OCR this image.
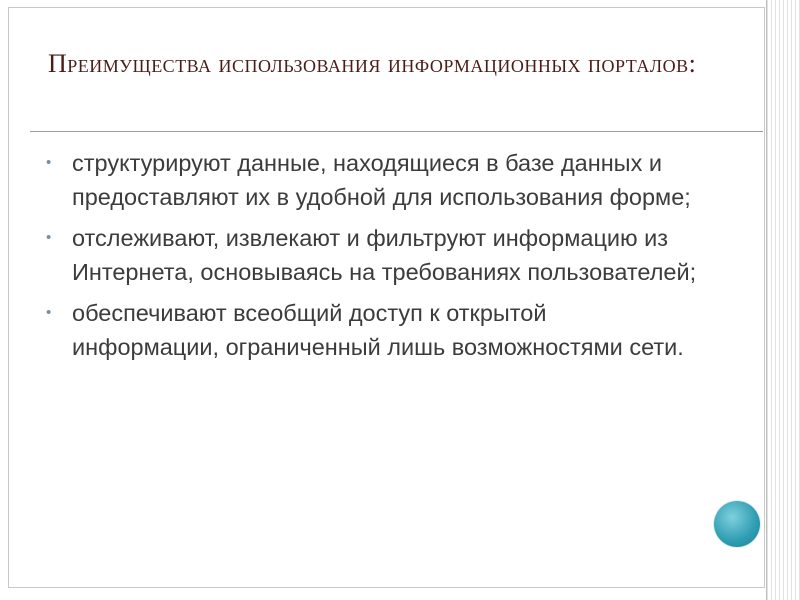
Преимущества использования информационных порталов:
• структурируют данные, находящиеся в базе данных и предоставляют их в удобной для использования форме;
• отслеживают, извлекают и фильтруют информацию из Интернета, основываясь на требованиях пользователей;
• обеспечивают всеобщий доступ к открытой информации, ограниченный лишь возможностями сети.
